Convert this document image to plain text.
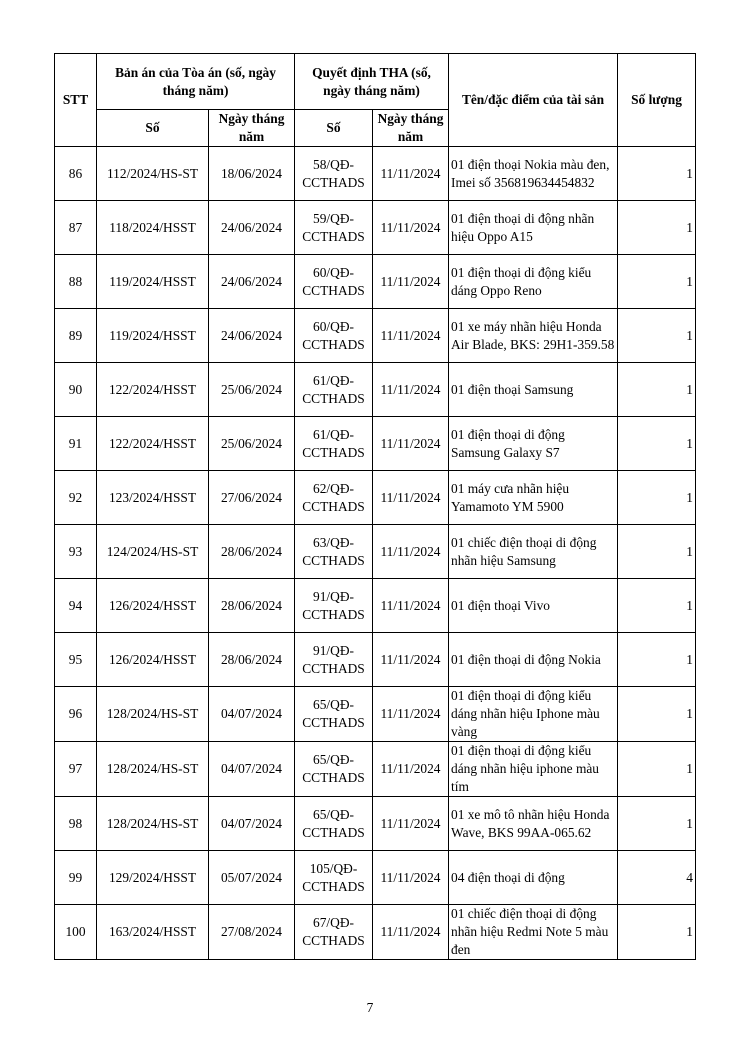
STT	Bản án của Tòa án (số, ngày tháng năm)		Quyết định THA (số, ngày tháng năm)		Tên/đặc điểm của tài sản	Số lượng
	Số	Ngày tháng năm	Số	Ngày tháng năm		
86	112/2024/HS-ST	18/06/2024	58/QĐ-CCTHADS	11/11/2024	01 điện thoại Nokia màu đen, Imei số 356819634454832	1
87	118/2024/HSST	24/06/2024	59/QĐ-CCTHADS	11/11/2024	01 điện thoại di động nhãn hiệu Oppo A15	1
88	119/2024/HSST	24/06/2024	60/QĐ-CCTHADS	11/11/2024	01 điện thoại di động kiểu dáng Oppo Reno	1
89	119/2024/HSST	24/06/2024	60/QĐ-CCTHADS	11/11/2024	01 xe máy nhãn hiệu Honda Air Blade, BKS: 29H1-359.58	1
90	122/2024/HSST	25/06/2024	61/QĐ-CCTHADS	11/11/2024	01 điện thoại Samsung	1
91	122/2024/HSST	25/06/2024	61/QĐ-CCTHADS	11/11/2024	01 điện thoại di động Samsung Galaxy S7	1
92	123/2024/HSST	27/06/2024	62/QĐ-CCTHADS	11/11/2024	01 máy cưa nhãn hiệu Yamamoto YM 5900	1
93	124/2024/HS-ST	28/06/2024	63/QĐ-CCTHADS	11/11/2024	01 chiếc điện thoại di động nhãn hiệu Samsung	1
94	126/2024/HSST	28/06/2024	91/QĐ-CCTHADS	11/11/2024	01 điện thoại Vivo	1
95	126/2024/HSST	28/06/2024	91/QĐ-CCTHADS	11/11/2024	01 điện thoại di động Nokia	1
96	128/2024/HS-ST	04/07/2024	65/QĐ-CCTHADS	11/11/2024	01 điện thoại di động kiểu dáng nhãn hiệu Iphone màu vàng	1
97	128/2024/HS-ST	04/07/2024	65/QĐ-CCTHADS	11/11/2024	01 điện thoại di động kiểu dáng nhãn hiệu iphone màu tím	1
98	128/2024/HS-ST	04/07/2024	65/QĐ-CCTHADS	11/11/2024	01 xe mô tô nhãn hiệu Honda Wave, BKS 99AA-065.62	1
99	129/2024/HSST	05/07/2024	105/QĐ-CCTHADS	11/11/2024	04 điện thoại di động	4
100	163/2024/HSST	27/08/2024	67/QĐ-CCTHADS	11/11/2024	01 chiếc điện thoại di động nhãn hiệu Redmi Note 5 màu đen	1
7
